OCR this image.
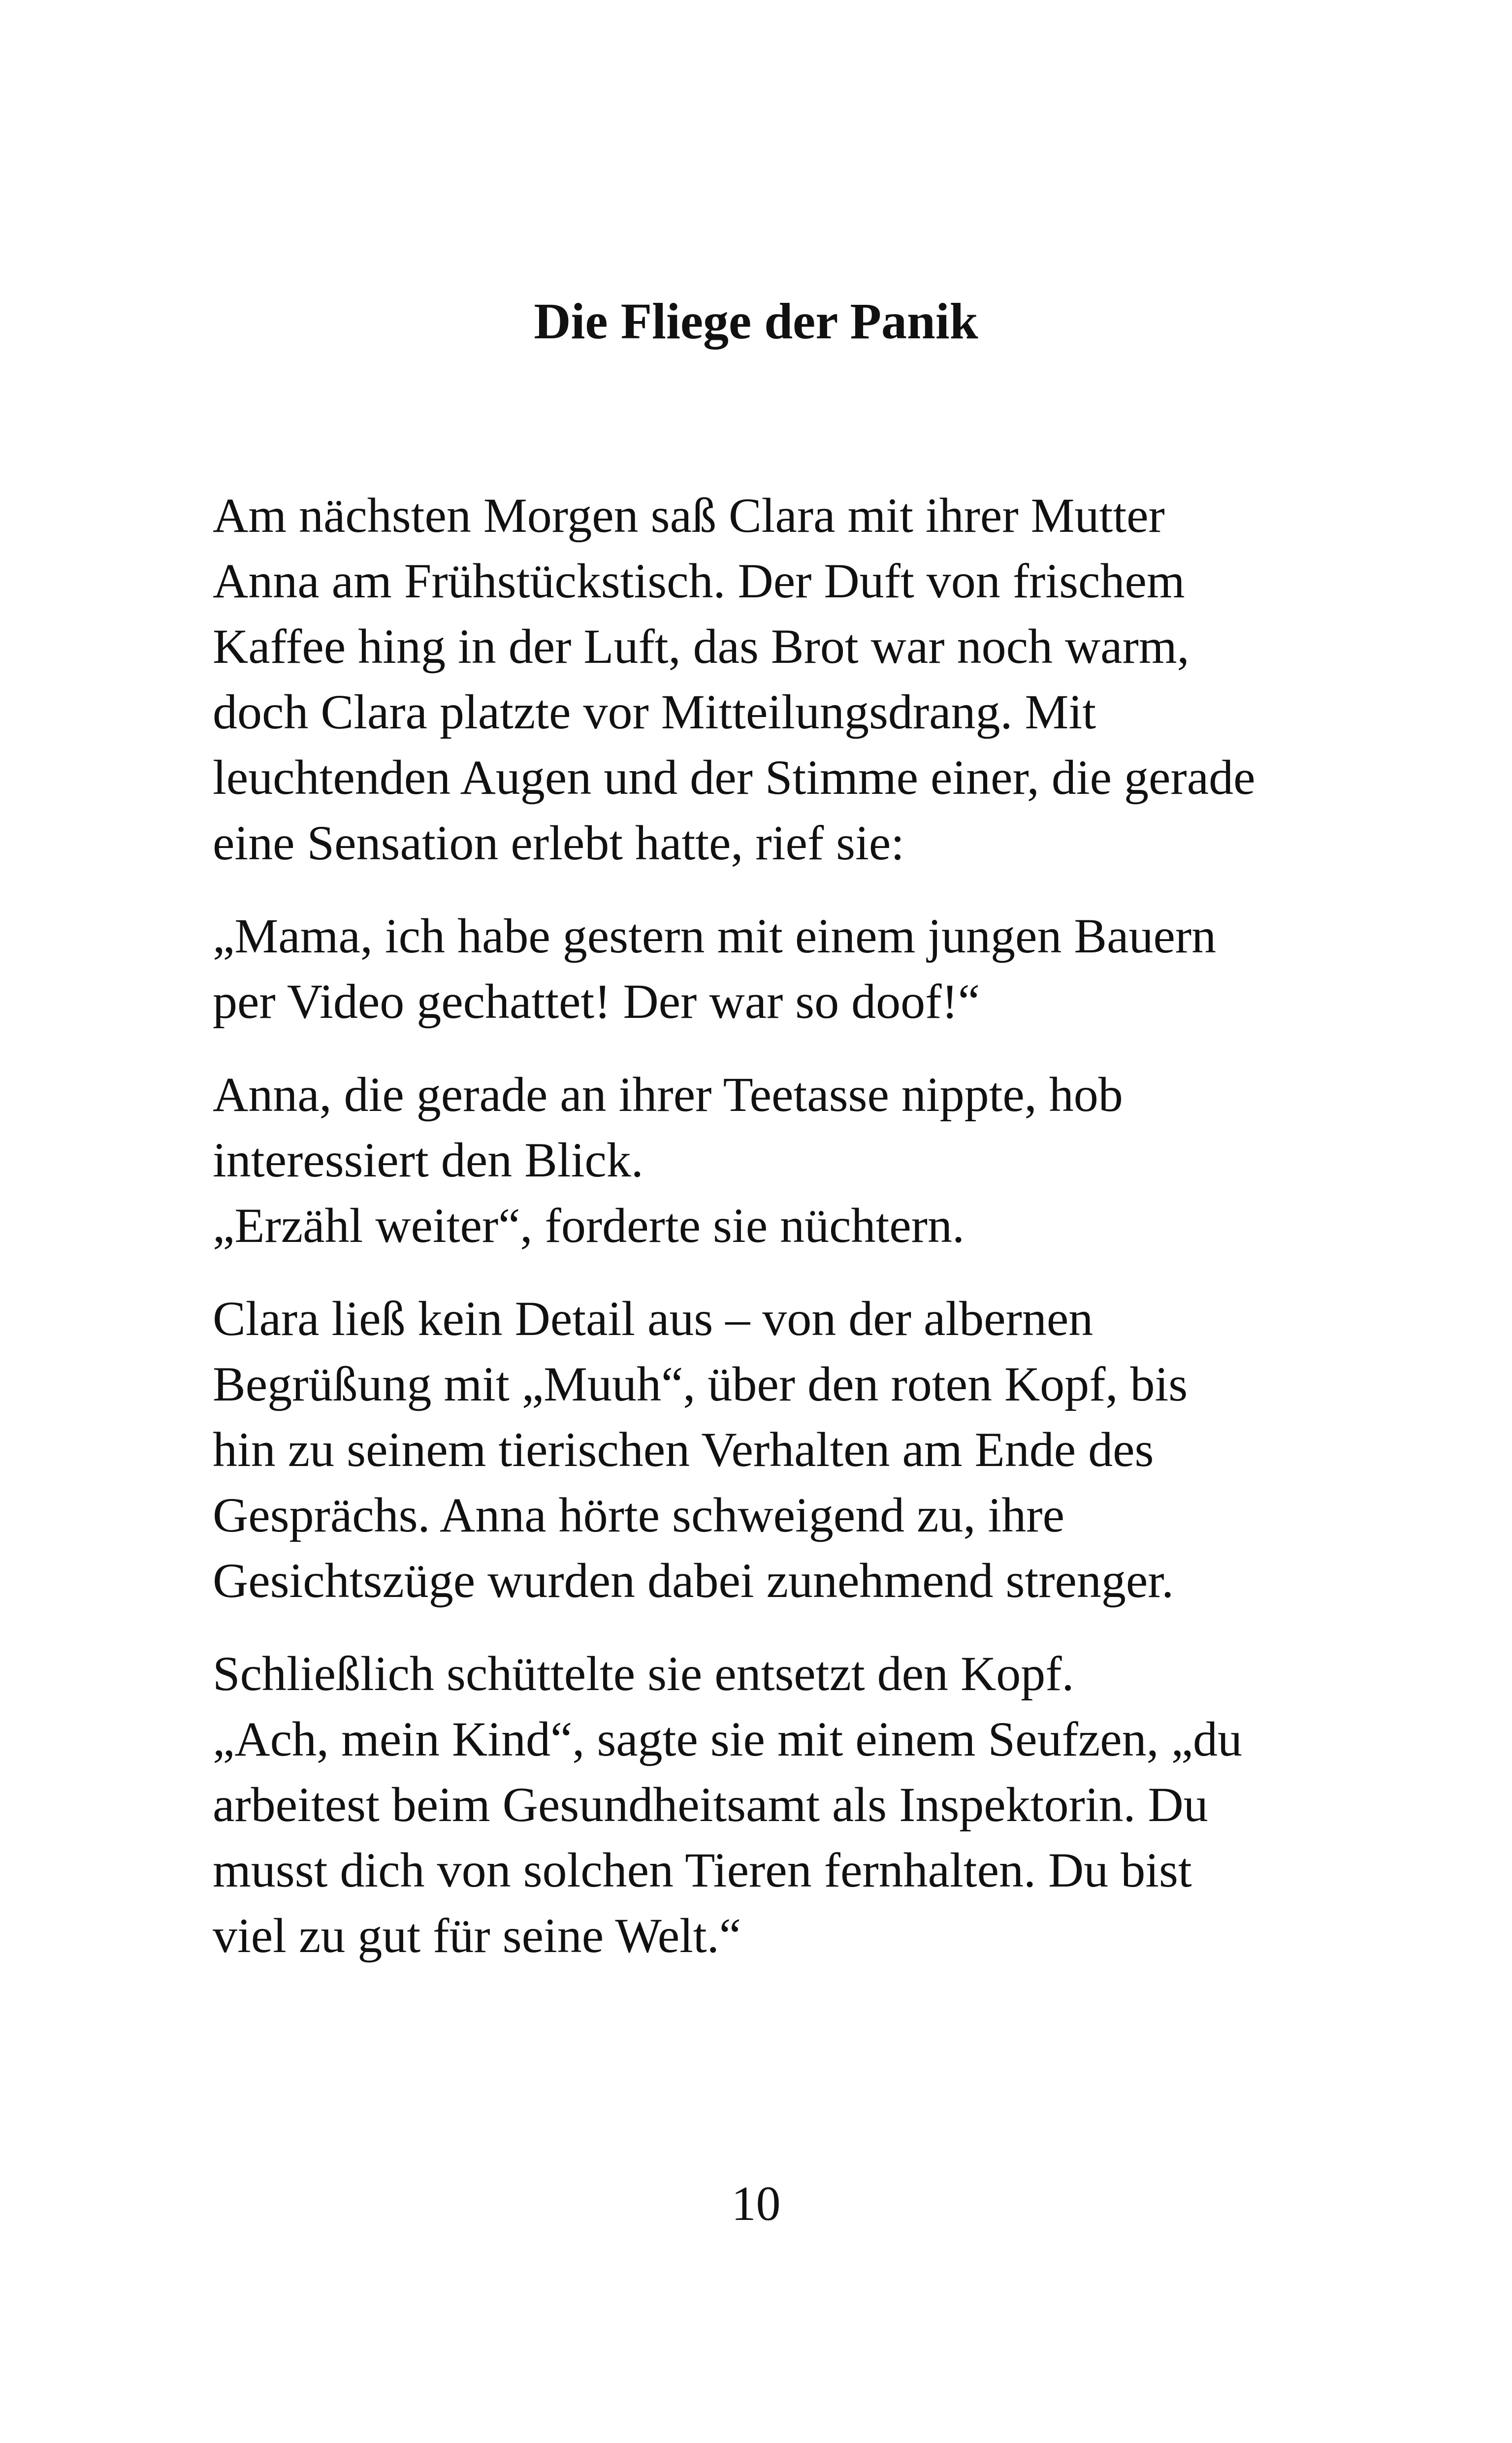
Die Fliege der Panik

Am nächsten Morgen saß Clara mit ihrer Mutter
Anna am Frühstückstisch. Der Duft von frischem
Kaffee hing in der Luft, das Brot war noch warm,
doch Clara platzte vor Mitteilungsdrang. Mit
leuchtenden Augen und der Stimme einer, die gerade
eine Sensation erlebt hatte, rief sie:

„Mama, ich habe gestern mit einem jungen Bauern
per Video gechattet! Der war so doof!“

Anna, die gerade an ihrer Teetasse nippte, hob
interessiert den Blick.
„Erzähl weiter“, forderte sie nüchtern.

Clara ließ kein Detail aus – von der albernen
Begrüßung mit „Muuh“, über den roten Kopf, bis
hin zu seinem tierischen Verhalten am Ende des
Gesprächs. Anna hörte schweigend zu, ihre
Gesichtszüge wurden dabei zunehmend strenger.

Schließlich schüttelte sie entsetzt den Kopf.
„Ach, mein Kind“, sagte sie mit einem Seufzen, „du
arbeitest beim Gesundheitsamt als Inspektorin. Du
musst dich von solchen Tieren fernhalten. Du bist
viel zu gut für seine Welt.“

10
